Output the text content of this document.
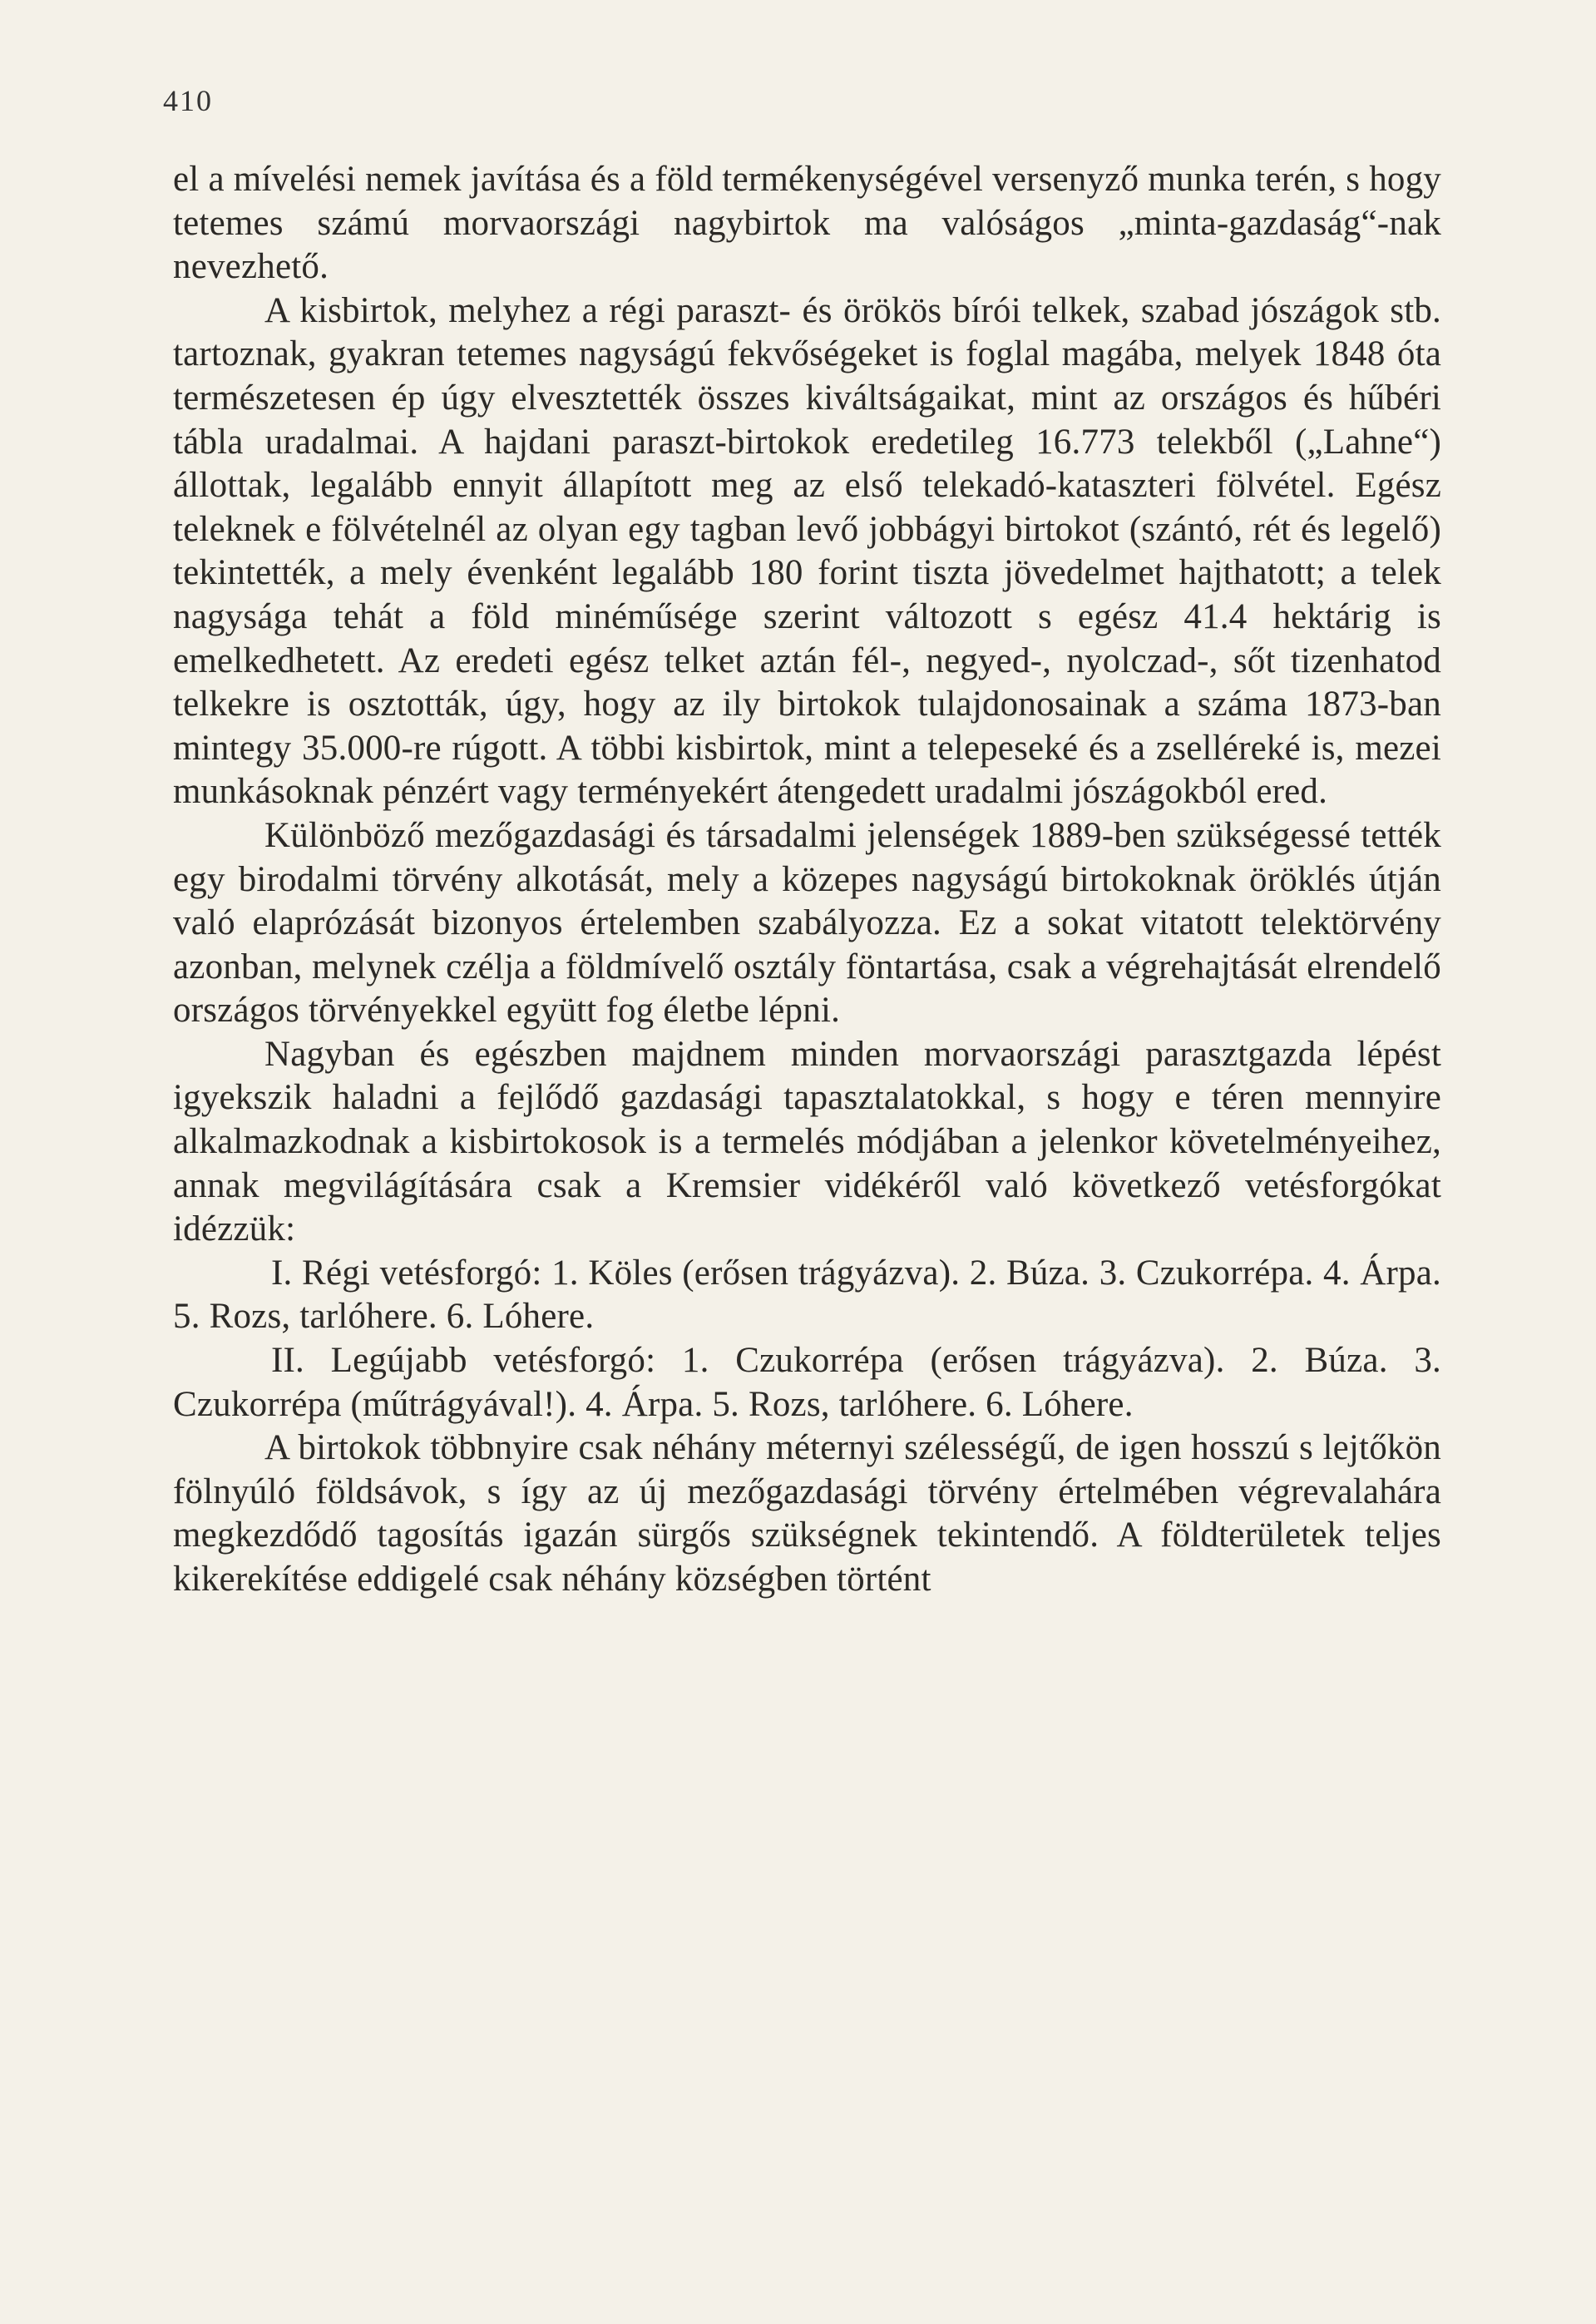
410

el a mívelési nemek javítása és a föld termékenységével versenyző munka terén, s hogy tetemes számú morvaországi nagybirtok ma valóságos „minta-gazdaság“-nak nevezhető.

A kisbirtok, melyhez a régi paraszt- és örökös bírói telkek, szabad jószágok stb. tartoznak, gyakran tetemes nagyságú fekvőségeket is foglal magába, melyek 1848 óta természetesen ép úgy elvesztették összes kiváltságaikat, mint az országos és hűbéri tábla uradalmai. A hajdani paraszt-birtokok eredetileg 16.773 telekből („Lahne“) állottak, legalább ennyit állapított meg az első telekadó-kataszteri fölvétel. Egész teleknek e fölvételnél az olyan egy tagban levő jobbágyi birtokot (szántó, rét és legelő) tekintették, a mely évenként legalább 180 forint tiszta jövedelmet hajthatott; a telek nagysága tehát a föld minéműsége szerint változott s egész 41.4 hektárig is emelkedhetett. Az eredeti egész telket aztán fél-, negyed-, nyolczad-, sőt tizenhatod telkekre is osztották, úgy, hogy az ily birtokok tulajdonosainak a száma 1873-ban mintegy 35.000-re rúgott. A többi kisbirtok, mint a telepeseké és a zselléreké is, mezei munkásoknak pénzért vagy terményekért átengedett uradalmi jószágokból ered.

Különböző mezőgazdasági és társadalmi jelenségek 1889-ben szükségessé tették egy birodalmi törvény alkotását, mely a közepes nagyságú birtokoknak öröklés útján való elaprózását bizonyos értelemben szabályozza. Ez a sokat vitatott telektörvény azonban, melynek czélja a földmívelő osztály föntartása, csak a végrehajtását elrendelő országos törvényekkel együtt fog életbe lépni.

Nagyban és egészben majdnem minden morvaországi parasztgazda lépést igyekszik haladni a fejlődő gazdasági tapasztalatokkal, s hogy e téren mennyire alkalmazkodnak a kisbirtokosok is a termelés módjában a jelenkor követelményeihez, annak megvilágítására csak a Kremsier vidékéről való következő vetésforgókat idézzük:

I. Régi vetésforgó: 1. Köles (erősen trágyázva). 2. Búza. 3. Czukorrépa. 4. Árpa. 5. Rozs, tarlóhere. 6. Lóhere.

II. Legújabb vetésforgó: 1. Czukorrépa (erősen trágyázva). 2. Búza. 3. Czukorrépa (műtrágyával!). 4. Árpa. 5. Rozs, tarlóhere. 6. Lóhere.

A birtokok többnyire csak néhány méternyi szélességű, de igen hosszú s lejtőkön fölnyúló földsávok, s így az új mezőgazdasági törvény értelmében végrevalahára megkezdődő tagosítás igazán sürgős szükségnek tekintendő. A földterületek teljes kikerekítése eddigelé csak néhány községben történt
